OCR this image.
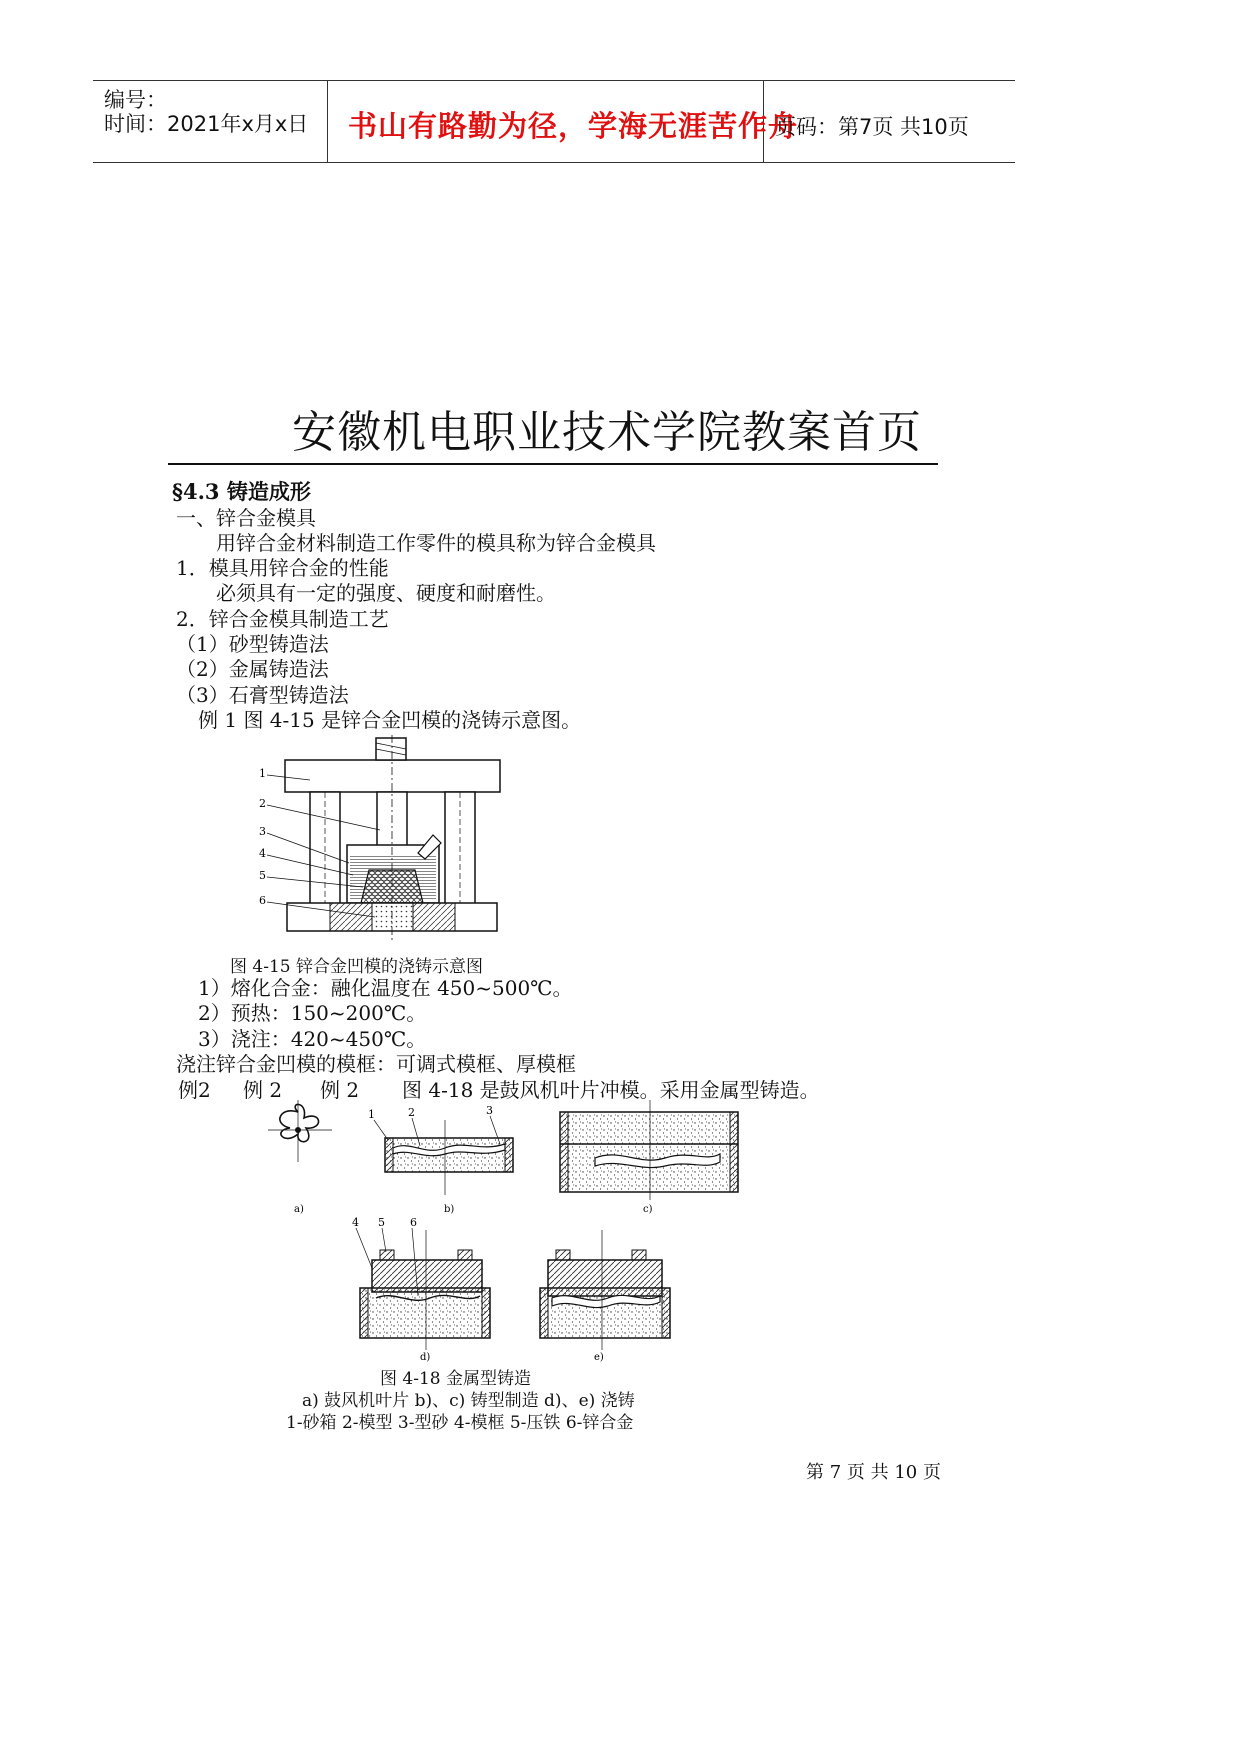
编号：
时间：2021年x月x日 书山有路勤为径，学海无涯苦作舟
页码：第7页 共10页
安徽机电职业技术学院教案首页
§4.3 铸造成形
一、锌合金模具
用锌合金材料制造工作零件的模具称为锌合金模具
1．模具用锌合金的性能
必须具有一定的强度、硬度和耐磨性。
2．锌合金模具制造工艺
（1）砂型铸造法
（2）金属铸造法
（3）石膏型铸造法
例 1 图 4-15 是锌合金凹模的浇铸示意图。
1
2
3
4
5
6
图 4-15 锌合金凹模的浇铸示意图
1）熔化合金：融化温度在 450~500℃。
2）预热：150~200℃。
3）浇注：420~450℃。
浇注锌合金凹模的模框：可调式模框、厚模框
例2 例 2 例 2 图 4-18 是鼓风机叶片冲模。采用金属型铸造。
1	2	3
4 5 6
a)	b)	c)
d)	e)
图 4-18 金属型铸造
a) 鼓风机叶片 b)、c) 铸型制造 d)、e) 浇铸
1-砂箱 2-模型 3-型砂 4-模框 5-压铁 6-锌合金
第 7 页 共 10 页
